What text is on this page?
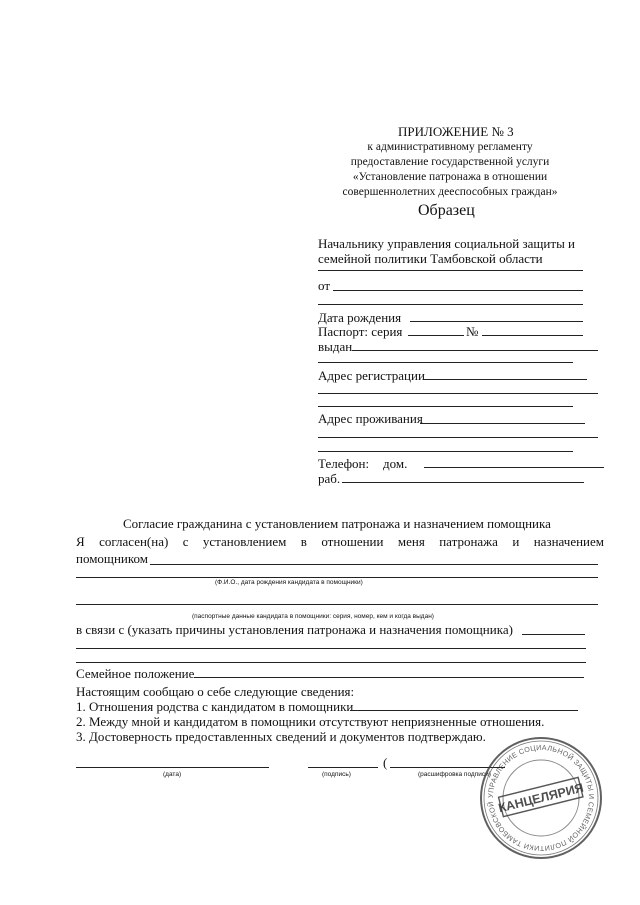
ПРИЛОЖЕНИЕ № 3
к административному регламенту
предоставление государственной услуги
«Установление патронажа в отношении
совершеннолетних дееспособных граждан»
Образец
Начальнику управления социальной защиты и
семейной политики Тамбовской области
от
Дата рождения
Паспорт: серия	№
выдан
Адрес регистрации
Адрес проживания
Телефон: дом.
раб.
Согласие гражданина с установлением патронажа и назначением помощника
Я согласен(на) с установлением в отношении меня патронажа и назначением
помощником
(Ф.И.О., дата рождения кандидата в помощники)
(паспортные данные кандидата в помощники: серия, номер, кем и когда выдан)
в связи с (указать причины установления патронажа и назначения помощника)
Семейное положение
Настоящим сообщаю о себе следующие сведения:
1. Отношения родства с кандидатом в помощники
2. Между мной и кандидатом в помощники отсутствуют неприязненные отношения.
3. Достоверность предоставленных сведений и документов подтверждаю.
(дата)	(подпись)
(
(расшифровка подписи)
УПРАВЛЕНИЕ СОЦИАЛЬНОЙ ЗАЩИТЫ И СЕМЕЙНОЙ ПОЛИТИКИ ТАМБОВСКОЙ КАНЦЕЛЯРИЯ
